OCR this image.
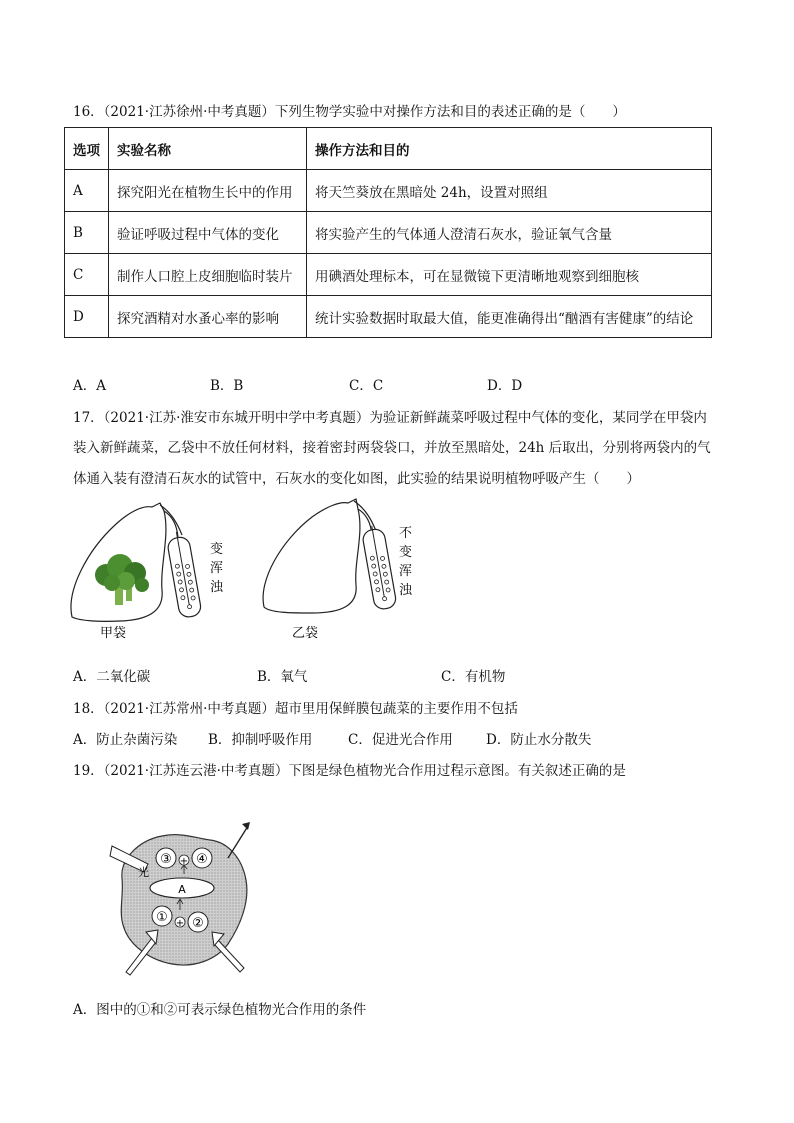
16．（2021·江苏徐州·中考真题）下列生物学实验中对操作方法和目的表述正确的是（　　）
选项	实验名称	操作方法和目的
A	探究阳光在植物生长中的作用	将天竺葵放在黑暗处 24h，设置对照组
B	验证呼吸过程中气体的变化	将实验产生的气体通人澄清石灰水，验证氧气含量
C	制作人口腔上皮细胞临时装片	用碘酒处理标本，可在显微镜下更清晰地观察到细胞核
D	探究酒精对水蚤心率的影响	统计实验数据时取最大值，能更准确得出“酗酒有害健康”的结论
A．A	B．B	C．C	D．D
17．（2021·江苏·淮安市东城开明中学中考真题）为验证新鲜蔬菜呼吸过程中气体的变化，某同学在甲袋内
装入新鲜蔬菜，乙袋中不放任何材料，接着密封两袋袋口，并放至黑暗处，24h 后取出，分别将两袋内的气
体通入装有澄清石灰水的试管中，石灰水的变化如图，此实验的结果说明植物呼吸产生（　　）
变
浑
浊
甲袋
不
变
浑
浊
乙袋
A．二氧化碳	B．氧气	C．有机物
18．（2021·江苏常州·中考真题）超市里用保鲜膜包蔬菜的主要作用不包括
A．防止杂菌污染 B．抑制呼吸作用	C．促进光合作用 D．防止水分散失
19．（2021·江苏连云港·中考真题）下图是绿色植物光合作用过程示意图。有关叙述正确的是
光
③ + ④
A
① + ②
A．图中的①和②可表示绿色植物光合作用的条件
